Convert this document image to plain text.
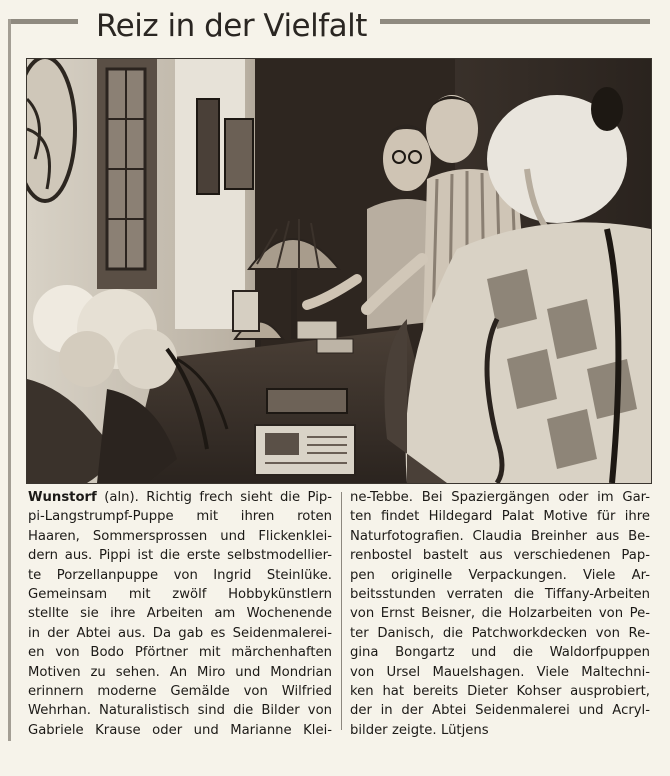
Reiz in der Vielfalt
Wunstorf (aln). Richtig frech sieht die Pip-
pi-Langstrumpf-Puppe mit ihren roten
Haaren, Sommersprossen und Flickenklei-
dern aus. Pippi ist die erste selbstmodellier-
te Porzellanpuppe von Ingrid Steinlüke.
Gemeinsam mit zwölf Hobbykünstlern
stellte sie ihre Arbeiten am Wochenende
in der Abtei aus. Da gab es Seidenmalerei-
en von Bodo Pförtner mit märchenhaften
Motiven zu sehen. An Miro und Mondrian
erinnern moderne Gemälde von Wilfried
Wehrhan. Naturalistisch sind die Bilder von
Gabriele Krause oder und Marianne Klei-
ne-Tebbe. Bei Spaziergängen oder im Gar-
ten findet Hildegard Palat Motive für ihre
Naturfotografien. Claudia Breinher aus Be-
renbostel bastelt aus verschiedenen Pap-
pen originelle Verpackungen. Viele Ar-
beitsstunden verraten die Tiffany-Arbeiten
von Ernst Beisner, die Holzarbeiten von Pe-
ter Danisch, die Patchworkdecken von Re-
gina Bongartz und die Waldorfpuppen
von Ursel Mauelshagen. Viele Maltechni-
ken hat bereits Dieter Kohser ausprobiert,
der in der Abtei Seidenmalerei und Acryl-
bilder zeigte. Lütjens
